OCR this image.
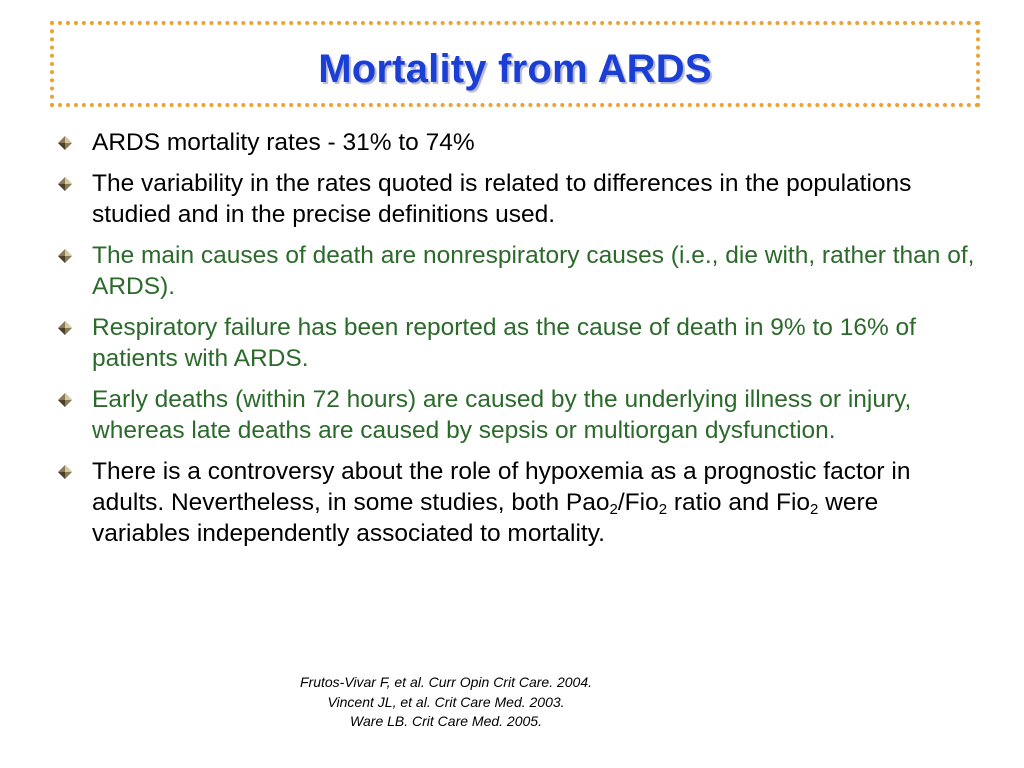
Mortality from ARDS
ARDS mortality rates - 31% to 74%
The variability in the rates quoted is related to differences in the populations studied and in the precise definitions used.
The main causes of death are nonrespiratory causes (i.e., die with, rather than of, ARDS).
Respiratory failure has been reported as the cause of death in 9% to 16% of patients with ARDS.
Early deaths (within 72 hours) are caused by the underlying illness or injury, whereas late deaths are caused by sepsis or multiorgan dysfunction.
There is a controversy about the role of hypoxemia as a prognostic factor in adults. Nevertheless, in some studies, both Pao$_2$/Fio$_2$ ratio and Fio$_2$ were variables independently associated to mortality.
Frutos-Vivar F, et al. Curr Opin Crit Care. 2004.
Vincent JL, et al. Crit Care Med. 2003.
Ware LB. Crit Care Med. 2005.
